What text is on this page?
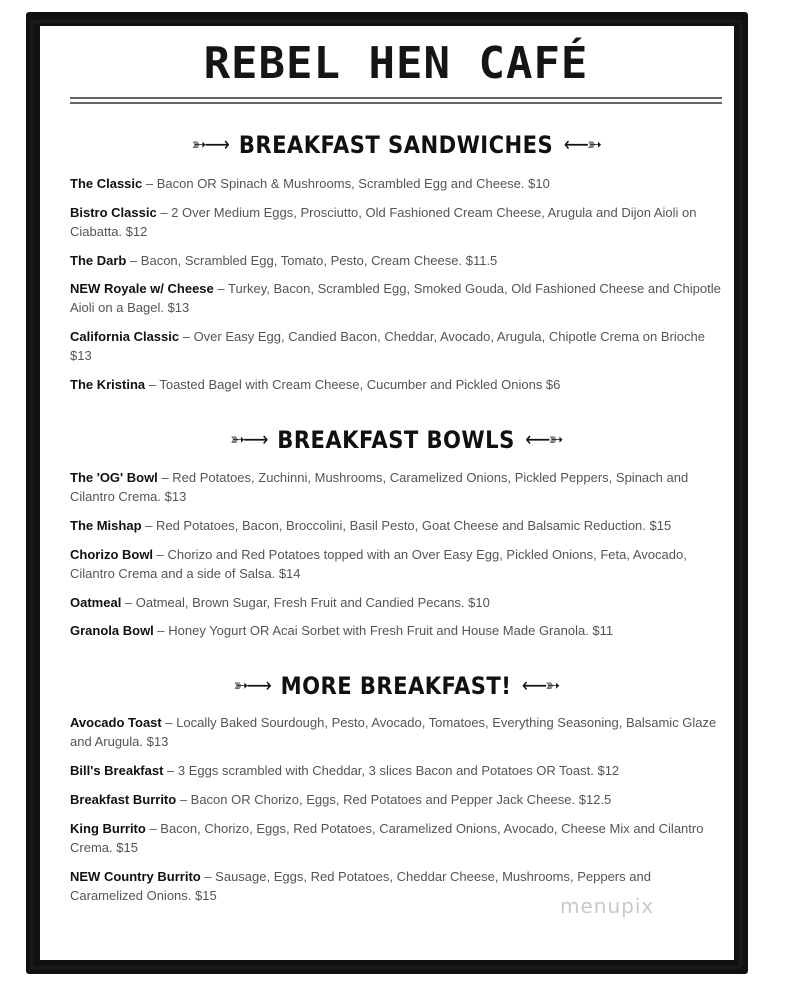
REBEL HEN CAFÉ
➳⟶ BREAKFAST SANDWICHES ⟵➳
The Classic – Bacon OR Spinach & Mushrooms, Scrambled Egg and Cheese. $10
Bistro Classic – 2 Over Medium Eggs, Prosciutto, Old Fashioned Cream Cheese, Arugula and Dijon Aioli on Ciabatta. $12
The Darb – Bacon, Scrambled Egg, Tomato, Pesto, Cream Cheese. $11.5
NEW Royale w/ Cheese – Turkey, Bacon, Scrambled Egg, Smoked Gouda, Old Fashioned Cheese and Chipotle Aioli on a Bagel. $13
California Classic – Over Easy Egg, Candied Bacon, Cheddar, Avocado, Arugula, Chipotle Crema on Brioche $13
The Kristina – Toasted Bagel with Cream Cheese, Cucumber and Pickled Onions $6
➳⟶ BREAKFAST BOWLS ⟵➳
The 'OG' Bowl – Red Potatoes, Zuchinni, Mushrooms, Caramelized Onions, Pickled Peppers, Spinach and Cilantro Crema. $13
The Mishap – Red Potatoes, Bacon, Broccolini, Basil Pesto, Goat Cheese and Balsamic Reduction. $15
Chorizo Bowl – Chorizo and Red Potatoes topped with an Over Easy Egg, Pickled Onions, Feta, Avocado, Cilantro Crema and a side of Salsa. $14
Oatmeal – Oatmeal, Brown Sugar, Fresh Fruit and Candied Pecans. $10
Granola Bowl – Honey Yogurt OR Acai Sorbet with Fresh Fruit and House Made Granola. $11
➳⟶ MORE BREAKFAST! ⟵➳
Avocado Toast – Locally Baked Sourdough, Pesto, Avocado, Tomatoes, Everything Seasoning, Balsamic Glaze and Arugula. $13
Bill's Breakfast – 3 Eggs scrambled with Cheddar, 3 slices Bacon and Potatoes OR Toast. $12
Breakfast Burrito – Bacon OR Chorizo, Eggs, Red Potatoes and Pepper Jack Cheese. $12.5
King Burrito – Bacon, Chorizo, Eggs, Red Potatoes, Caramelized Onions, Avocado, Cheese Mix and Cilantro Crema. $15
NEW Country Burrito – Sausage, Eggs, Red Potatoes, Cheddar Cheese, Mushrooms, Peppers and Caramelized Onions. $15	menupix
